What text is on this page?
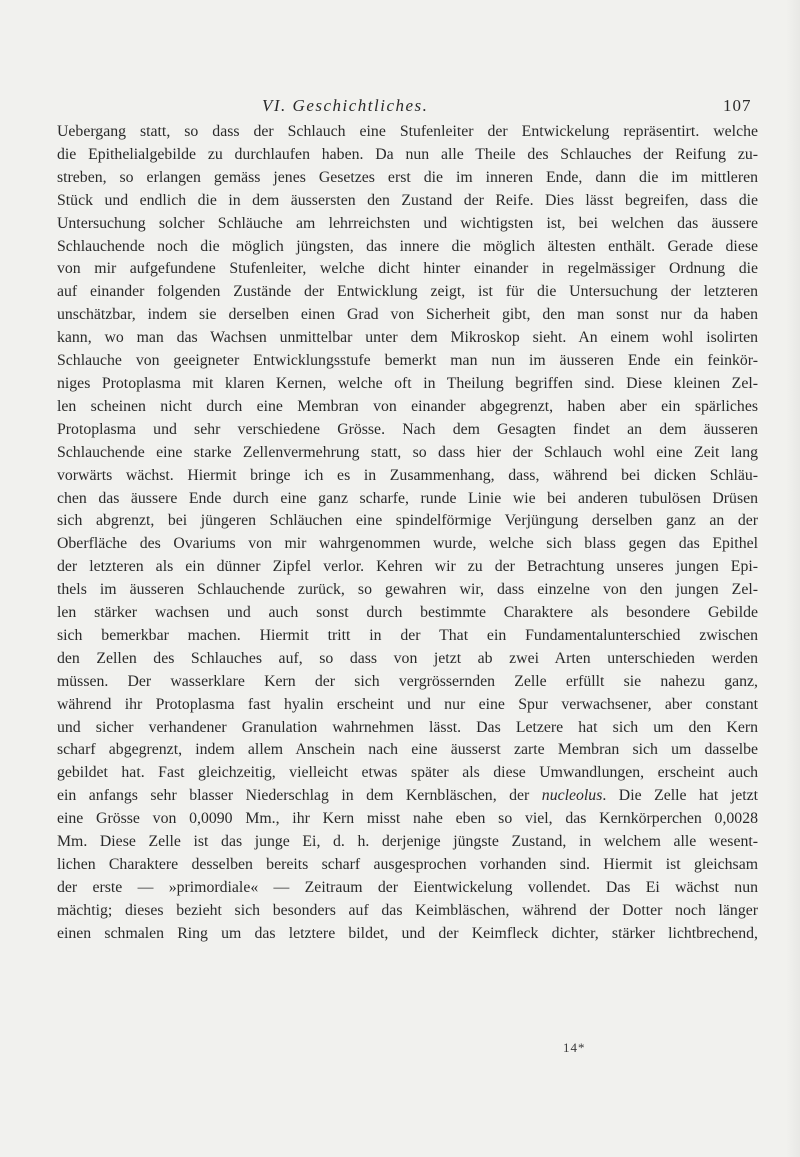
VI. Geschichtliches.	107
Uebergang statt, so dass der Schlauch eine Stufenleiter der Entwickelung repräsentirt. welche
die Epithelialgebilde zu durchlaufen haben. Da nun alle Theile des Schlauches der Reifung zu-
streben, so erlangen gemäss jenes Gesetzes erst die im inneren Ende, dann die im mittleren
Stück und endlich die in dem äussersten den Zustand der Reife. Dies lässt begreifen, dass die
Untersuchung solcher Schläuche am lehrreichsten und wichtigsten ist, bei welchen das äussere
Schlauchende noch die möglich jüngsten, das innere die möglich ältesten enthält. Gerade diese
von mir aufgefundene Stufenleiter, welche dicht hinter einander in regelmässiger Ordnung die
auf einander folgenden Zustände der Entwicklung zeigt, ist für die Untersuchung der letzteren
unschätzbar, indem sie derselben einen Grad von Sicherheit gibt, den man sonst nur da haben
kann, wo man das Wachsen unmittelbar unter dem Mikroskop sieht. An einem wohl isolirten
Schlauche von geeigneter Entwicklungsstufe bemerkt man nun im äusseren Ende ein feinkör-
niges Protoplasma mit klaren Kernen, welche oft in Theilung begriffen sind. Diese kleinen Zel-
len scheinen nicht durch eine Membran von einander abgegrenzt, haben aber ein spärliches
Protoplasma und sehr verschiedene Grösse. Nach dem Gesagten findet an dem äusseren
Schlauchende eine starke Zellenvermehrung statt, so dass hier der Schlauch wohl eine Zeit lang
vorwärts wächst. Hiermit bringe ich es in Zusammenhang, dass, während bei dicken Schläu-
chen das äussere Ende durch eine ganz scharfe, runde Linie wie bei anderen tubulösen Drüsen
sich abgrenzt, bei jüngeren Schläuchen eine spindelförmige Verjüngung derselben ganz an der
Oberfläche des Ovariums von mir wahrgenommen wurde, welche sich blass gegen das Epithel
der letzteren als ein dünner Zipfel verlor. Kehren wir zu der Betrachtung unseres jungen Epi-
thels im äusseren Schlauchende zurück, so gewahren wir, dass einzelne von den jungen Zel-
len stärker wachsen und auch sonst durch bestimmte Charaktere als besondere Gebilde
sich bemerkbar machen. Hiermit tritt in der That ein Fundamentalunterschied zwischen
den Zellen des Schlauches auf, so dass von jetzt ab zwei Arten unterschieden werden
müssen. Der wasserklare Kern der sich vergrössernden Zelle erfüllt sie nahezu ganz,
während ihr Protoplasma fast hyalin erscheint und nur eine Spur verwachsener, aber constant
und sicher verhandener Granulation wahrnehmen lässt. Das Letzere hat sich um den Kern
scharf abgegrenzt, indem allem Anschein nach eine äusserst zarte Membran sich um dasselbe
gebildet hat. Fast gleichzeitig, vielleicht etwas später als diese Umwandlungen, erscheint auch
ein anfangs sehr blasser Niederschlag in dem Kernbläschen, der nucleolus. Die Zelle hat jetzt
eine Grösse von 0,0090 Mm., ihr Kern misst nahe eben so viel, das Kernkörperchen 0,0028
Mm. Diese Zelle ist das junge Ei, d. h. derjenige jüngste Zustand, in welchem alle wesent-
lichen Charaktere desselben bereits scharf ausgesprochen vorhanden sind. Hiermit ist gleichsam
der erste — »primordiale« — Zeitraum der Eientwickelung vollendet. Das Ei wächst nun
mächtig; dieses bezieht sich besonders auf das Keimbläschen, während der Dotter noch länger
einen schmalen Ring um das letztere bildet, und der Keimfleck dichter, stärker lichtbrechend,
14*
